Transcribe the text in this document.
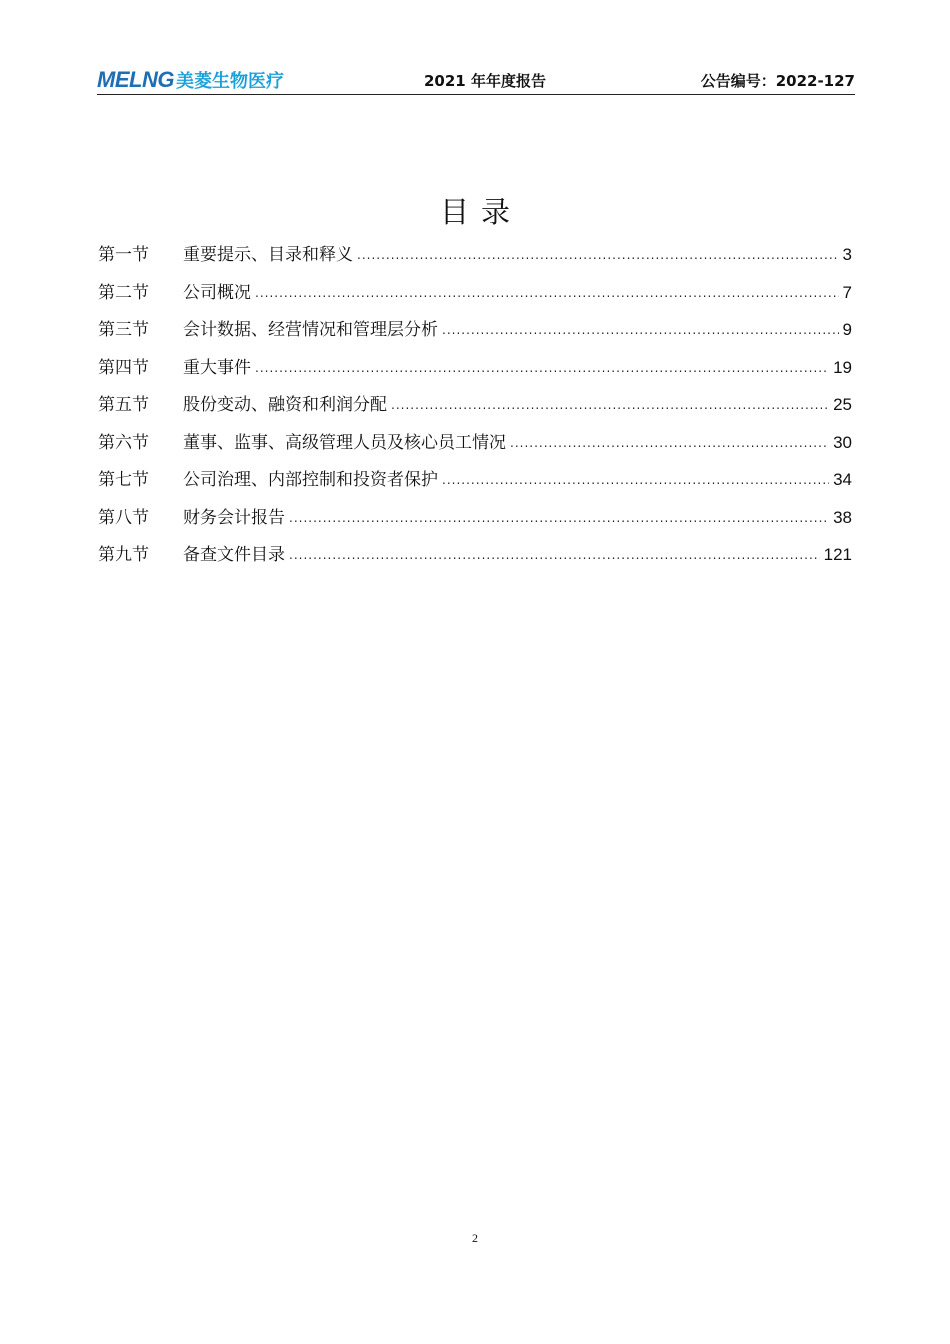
MELNG 美菱生物医疗	2021 年年度报告	公告编号：2022-127
目录
第一节	重要提示、目录和释义 .....	3
第二节	公司概况 .....	7
第三节	会计数据、经营情况和管理层分析 .....	9
第四节	重大事件 .....	19
第五节	股份变动、融资和利润分配 .....	25
第六节	董事、监事、高级管理人员及核心员工情况 .....	30
第七节	公司治理、内部控制和投资者保护 .....	34
第八节	财务会计报告 .....	38
第九节	备查文件目录 .....	121
2
